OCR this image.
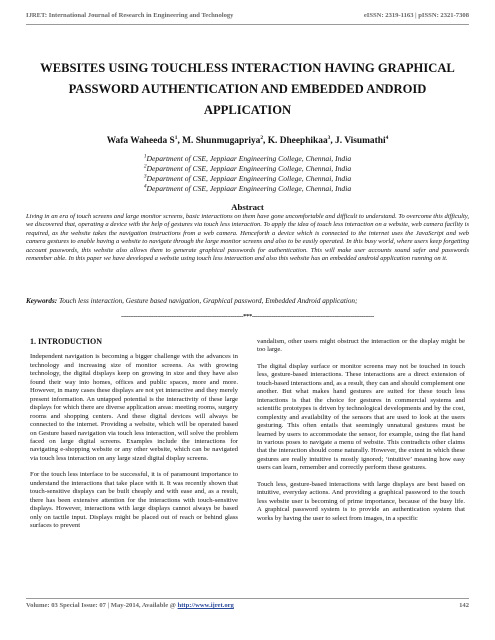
IJRET: International Journal of Research in Engineering and Technology	eISSN: 2319-1163 | pISSN: 2321-7308
WEBSITES USING TOUCHLESS INTERACTION HAVING GRAPHICAL
PASSWORD AUTHENTICATION AND EMBEDDED ANDROID
APPLICATION
Wafa Waheeda $S^1$, M. Shunmugapriya$^2$, K. Dheephikaa$^3$, J. Visumathi$^4$
$^1$Department of CSE, Jeppiaar Engineering College, Chennai, India
$^2$Department of CSE, Jeppiaar Engineering College, Chennai, India
$^3$Department of CSE, Jeppiaar Engineering College, Chennai, India
$^4$Department of CSE, Jeppiaar Engineering College, Chennai, India
Abstract
Living in an era of touch screens and large monitor screens, basic interactions on them have gone uncomfortable and difficult to understand. To overcome this difficulty, we discovered that, operating a device with the help of gestures via touch less interaction. To apply the idea of touch less interaction on a website, web camera facility is required, as the website takes the navigation instructions from a web camera. Henceforth a device which is connected to the internet uses the JavaScript and web camera gestures to enable having a website to navigate through the large monitor screens and also to be easily operated. In this busy world, where users keep forgetting account passwords, this website also allows them to generate graphical passwords for authentication. This will make user accounts sound safer and passwords remember able. In this paper we have developed a website using touch less interaction and also this website has an embedded android application running on it.
Keywords: Touch less interaction, Gesture based navigation, Graphical password, Embedded Android application;
--------------------------------------------------------------------***--------------------------------------------------------------------
1. INTRODUCTION

Independent navigation is becoming a bigger challenge with the advances in technology and increasing size of monitor screens. As with growing technology, the digital displays keep on growing in size and they have also found their way into homes, offices and public spaces, more and more. However, in many cases these displays are not yet interactive and they merely present information. An untapped potential is the interactivity of these large displays for which there are diverse application areas: meeting rooms, surgery rooms and shopping centers. And these digital devices will always be connected to the internet. Providing a website, which will be operated based on Gesture based navigation via touch less interaction, will solve the problem faced on large digital screens. Examples include the interactions for navigating e-shopping website or any other website, which can be navigated via touch less interaction on any large sized digital display screens.

For the touch less interface to be successful, it is of paramount importance to understand the interactions that take place with it. It was recently shown that touch-sensitive displays can be built cheaply and with ease and, as a result, there has been extensive attention for the interactions with touch-sensitive displays. However, interactions with large displays cannot always be based only on tactile input. Displays might be placed out of reach or behind glass surfaces to prevent

vandalism, other users might obstruct the interaction or the display might be too large.

The digital display surface or monitor screens may not be touched in touch less, gesture-based interactions. These interactions are a direct extension of touch-based interactions and, as a result, they can and should complement one another. But what makes hand gestures are suited for these touch less interactions is that the choice for gestures in commercial systems and scientific prototypes is driven by technological developments and by the cost, complexity and availability of the sensors that are used to look at the users gesturing. This often entails that seemingly unnatural gestures must be learned by users to accommodate the sensor, for example, using the flat hand in various poses to navigate a menu of website. This contradicts other claims that the interaction should come naturally. However, the extent in which these gestures are really intuitive is mostly ignored; ‘intuitive’ meaning how easy users can learn, remember and correctly perform these gestures.

Touch less, gesture-based interactions with large displays are best based on intuitive, everyday actions. And providing a graphical password to the touch less website user is becoming of prime importance, because of the busy life. A graphical password system is to provide an authentication system that works by having the user to select from images, in a specific

Volume: 03 Special Issue: 07 | May-2014, Available @ http://www.ijret.org	142
